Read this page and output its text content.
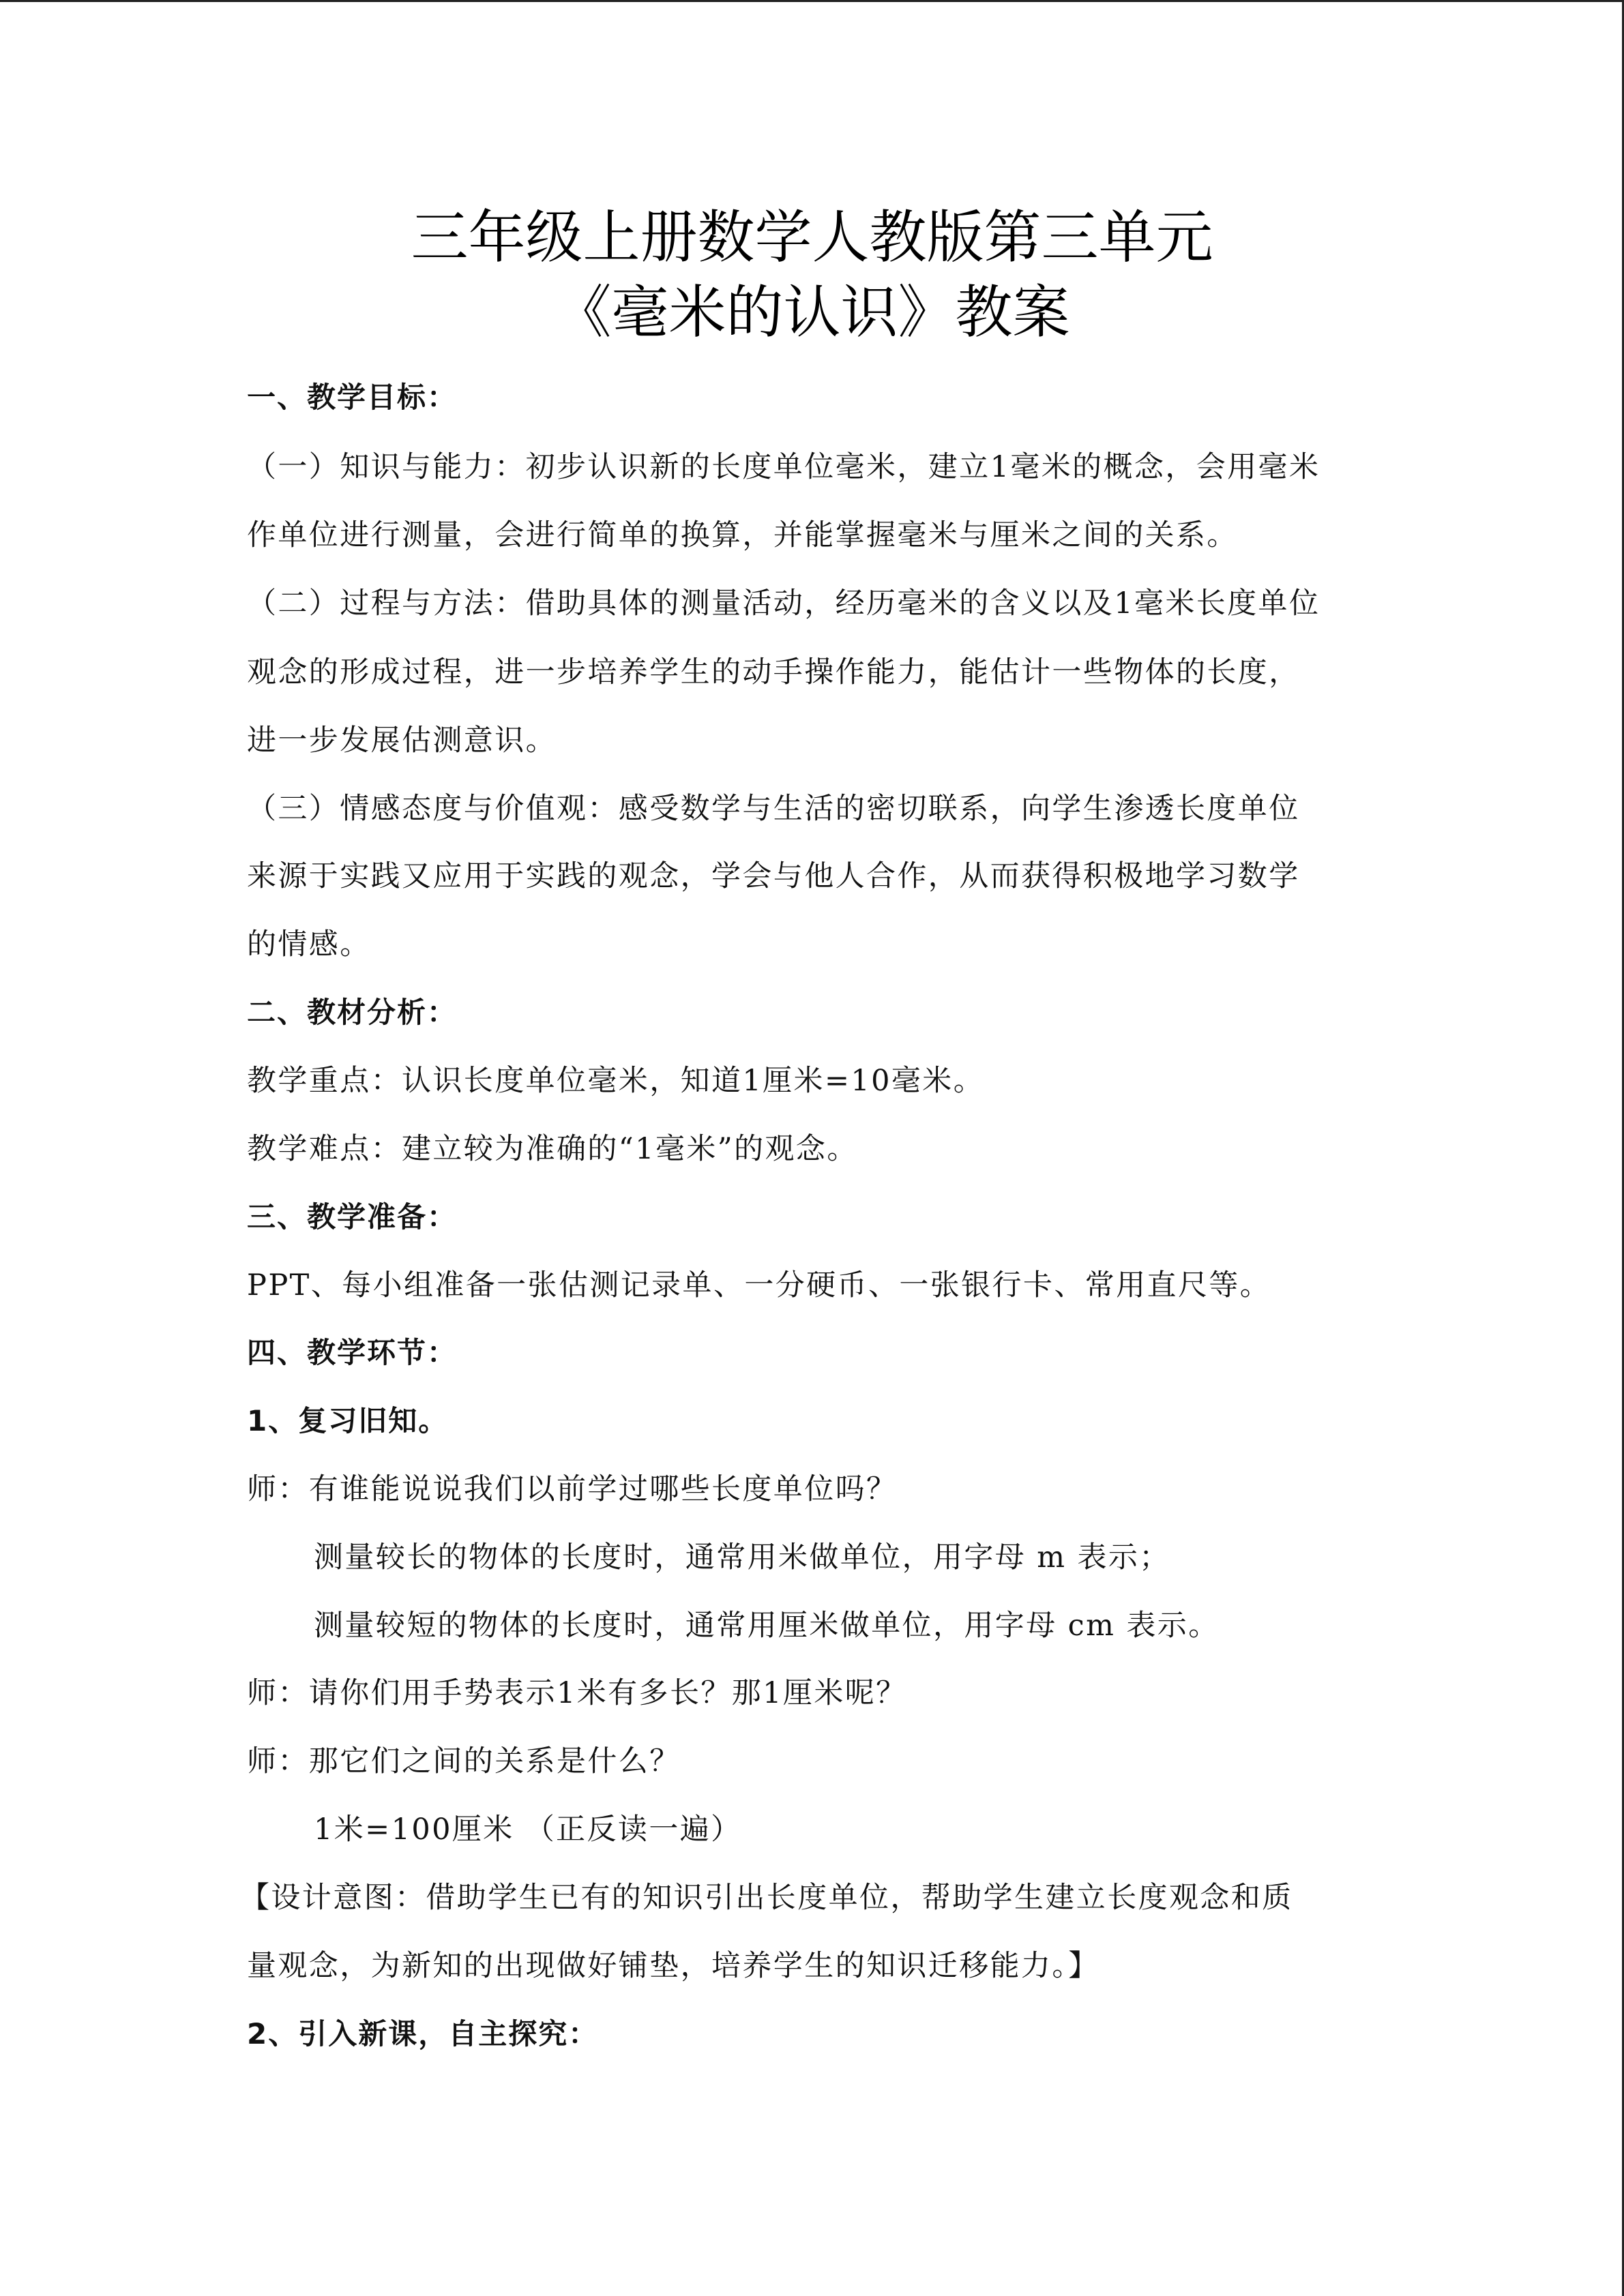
三年级上册数学人教版第三单元
《毫米的认识》教案
一、教学目标：
（一）知识与能力：初步认识新的长度单位毫米，建立1毫米的概念，会用毫米
作单位进行测量，会进行简单的换算，并能掌握毫米与厘米之间的关系。
（二）过程与方法：借助具体的测量活动，经历毫米的含义以及1毫米长度单位
观念的形成过程，进一步培养学生的动手操作能力，能估计一些物体的长度，
进一步发展估测意识。
（三）情感态度与价值观：感受数学与生活的密切联系，向学生渗透长度单位
来源于实践又应用于实践的观念，学会与他人合作，从而获得积极地学习数学
的情感。
二、教材分析：
教学重点：认识长度单位毫米，知道1厘米=10毫米。
教学难点：建立较为准确的“1毫米”的观念。
三、教学准备：
PPT、每小组准备一张估测记录单、一分硬币、一张银行卡、常用直尺等。
四、教学环节：
1、复习旧知。
师：有谁能说说我们以前学过哪些长度单位吗？
测量较长的物体的长度时，通常用米做单位，用字母 m 表示；
测量较短的物体的长度时，通常用厘米做单位，用字母 cm 表示。
师：请你们用手势表示1米有多长？那1厘米呢？
师：那它们之间的关系是什么？
1米=100厘米 （正反读一遍）
【设计意图：借助学生已有的知识引出长度单位，帮助学生建立长度观念和质
量观念，为新知的出现做好铺垫，培养学生的知识迁移能力。】
2、引入新课，自主探究：
